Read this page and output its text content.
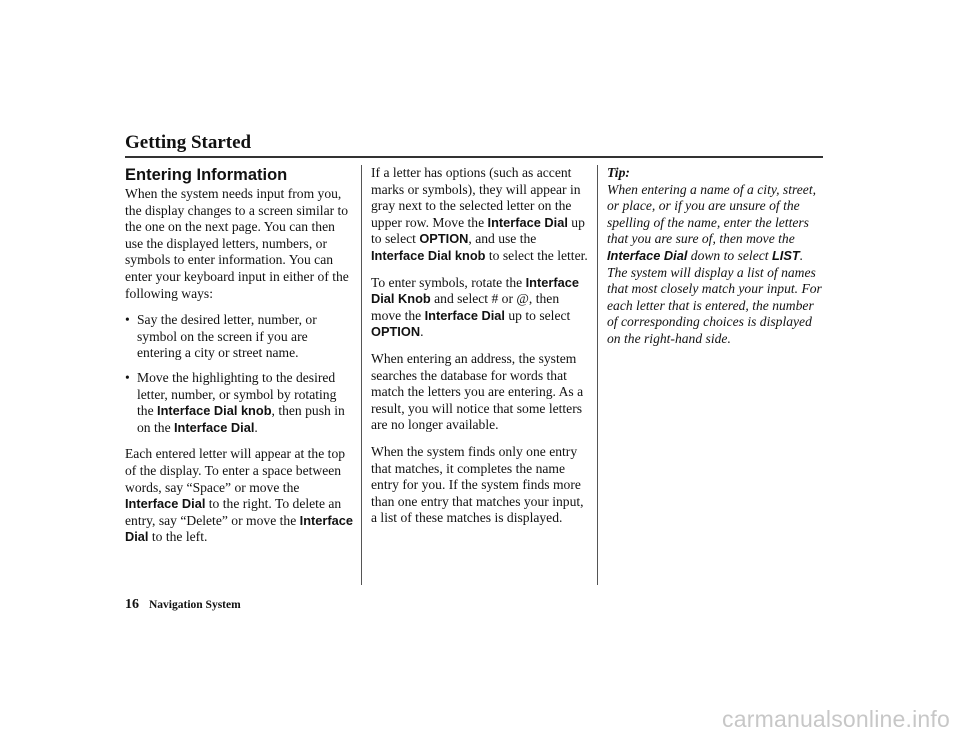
Getting Started
Entering Information

When the system needs input from you, the display changes to a screen similar to the one on the next page. You can then use the displayed letters, numbers, or symbols to enter information. You can enter your keyboard input in either of the following ways:

• Say the desired letter, number, or symbol on the screen if you are entering a city or street name.
• Move the highlighting to the desired letter, number, or symbol by rotating the Interface Dial knob, then push in on the Interface Dial.

Each entered letter will appear at the top of the display. To enter a space between words, say “Space” or move the Interface Dial to the right. To delete an entry, say “Delete” or move the Interface Dial to the left.

If a letter has options (such as accent marks or symbols), they will appear in gray next to the selected letter on the upper row. Move the Interface Dial up to select OPTION, and use the Interface Dial knob to select the letter.

To enter symbols, rotate the Interface Dial Knob and select # or @, then move the Interface Dial up to select OPTION.

When entering an address, the system searches the database for words that match the letters you are entering. As a result, you will notice that some letters are no longer available.

When the system finds only one entry that matches, it completes the name entry for you. If the system finds more than one entry that matches your input, a list of these matches is displayed.

Tip:

When entering a name of a city, street, or place, or if you are unsure of the spelling of the name, enter the letters that you are sure of, then move the Interface Dial down to select LIST. The system will display a list of names that most closely match your input. For each letter that is entered, the number of corresponding choices is displayed on the right-hand side.

16 Navigation System
carmanualsonline.info
